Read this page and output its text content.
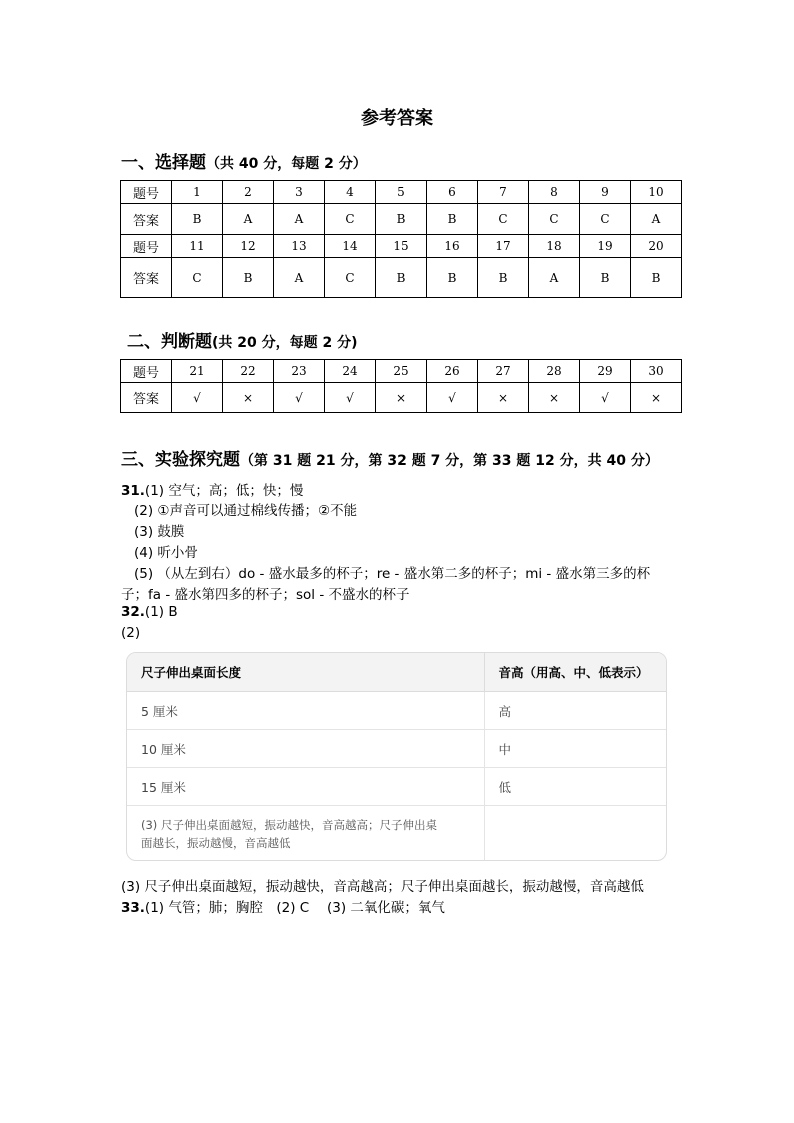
参考答案
一、选择题（共 40 分，每题 2 分）
题号	1	2	3	4	5	6	7	8	9	10
答案	B	A	A	C	B	B	C	C	C	A
题号	11	12	13	14	15	16	17	18	19	20
答案	C	B	A	C	B	B	B	A	B	B
二、判断题(共 20 分，每题 2 分)
题号	21	22	23	24	25	26	27	28	29	30
答案	√	×	√	√	×	√	×	×	√	×
三、实验探究题（第 31 题 21 分，第 32 题 7 分，第 33 题 12 分，共 40 分）
31.(1) 空气；高；低；快；慢
(2) ①声音可以通过棉线传播；②不能
(3) 鼓膜
(4) 听小骨
(5) （从左到右）do - 盛水最多的杯子；re - 盛水第二多的杯子；mi - 盛水第三多的杯
子；fa - 盛水第四多的杯子；sol - 不盛水的杯子
32.(1) B
(2)
尺子伸出桌面长度	音高（用高、中、低表示）
5 厘米	高
10 厘米	中
15 厘米	低
(3) 尺子伸出桌面越短，振动越快，音高越高；尺子伸出桌
面越长，振动越慢，音高越低	
(3) 尺子伸出桌面越短，振动越快，音高越高；尺子伸出桌面越长，振动越慢，音高越低
33.(1) 气管；肺；胸腔　(2) C　 (3) 二氧化碳；氧气
